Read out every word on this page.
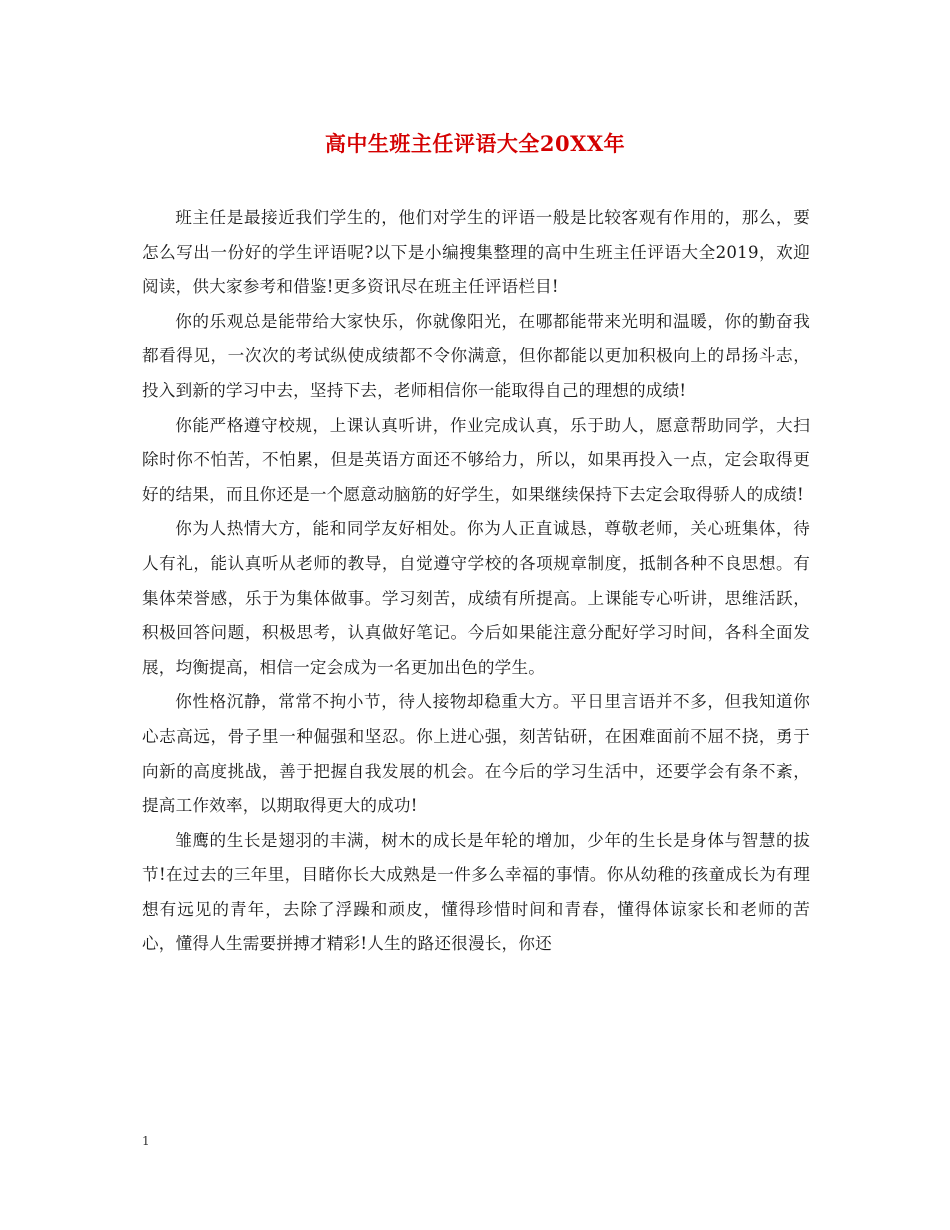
高中生班主任评语大全20XX年

班主任是最接近我们学生的，他们对学生的评语一般是比较客观有作用的，那么，要怎么写出一份好的学生评语呢?以下是小编搜集整理的高中生班主任评语大全2019，欢迎阅读，供大家参考和借鉴!更多资讯尽在班主任评语栏目!

你的乐观总是能带给大家快乐，你就像阳光，在哪都能带来光明和温暖，你的勤奋我都看得见，一次次的考试纵使成绩都不令你满意，但你都能以更加积极向上的昂扬斗志，投入到新的学习中去，坚持下去，老师相信你一能取得自己的理想的成绩!

你能严格遵守校规，上课认真听讲，作业完成认真，乐于助人，愿意帮助同学，大扫除时你不怕苦，不怕累，但是英语方面还不够给力，所以，如果再投入一点，定会取得更好的结果，而且你还是一个愿意动脑筋的好学生，如果继续保持下去定会取得骄人的成绩!

你为人热情大方，能和同学友好相处。你为人正直诚恳，尊敬老师，关心班集体，待人有礼，能认真听从老师的教导，自觉遵守学校的各项规章制度，抵制各种不良思想。有集体荣誉感，乐于为集体做事。学习刻苦，成绩有所提高。上课能专心听讲，思维活跃，积极回答问题，积极思考，认真做好笔记。今后如果能注意分配好学习时间，各科全面发展，均衡提高，相信一定会成为一名更加出色的学生。

你性格沉静，常常不拘小节，待人接物却稳重大方。平日里言语并不多，但我知道你心志高远，骨子里一种倔强和坚忍。你上进心强，刻苦钻研，在困难面前不屈不挠，勇于向新的高度挑战，善于把握自我发展的机会。在今后的学习生活中，还要学会有条不紊，提高工作效率，以期取得更大的成功!

雏鹰的生长是翅羽的丰满，树木的成长是年轮的增加，少年的生长是身体与智慧的拔节!在过去的三年里，目睹你长大成熟是一件多么幸福的事情。你从幼稚的孩童成长为有理想有远见的青年，去除了浮躁和顽皮，懂得珍惜时间和青春，懂得体谅家长和老师的苦心，懂得人生需要拼搏才精彩!人生的路还很漫长，你还

1
